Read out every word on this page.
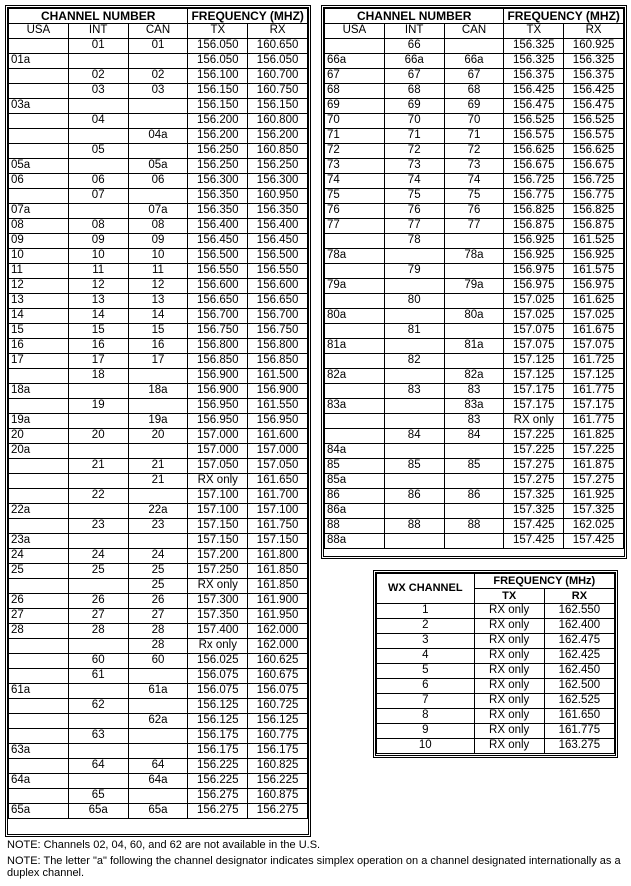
CHANNEL NUMBER			FREQUENCY (MHZ)	
USA	INT	CAN	TX	RX
	01	01	156.050	160.650
01a			156.050	156.050
	02	02	156.100	160.700
	03	03	156.150	160.750
03a			156.150	156.150
	04		156.200	160.800
		04a	156.200	156.200
	05		156.250	160.850
05a		05a	156.250	156.250
06	06	06	156.300	156.300
	07		156.350	160.950
07a		07a	156.350	156.350
08	08	08	156.400	156.400
09	09	09	156.450	156.450
10	10	10	156.500	156.500
11	11	11	156.550	156.550
12	12	12	156.600	156.600
13	13	13	156.650	156.650
14	14	14	156.700	156.700
15	15	15	156.750	156.750
16	16	16	156.800	156.800
17	17	17	156.850	156.850
	18		156.900	161.500
18a		18a	156.900	156.900
	19		156.950	161.550
19a		19a	156.950	156.950
20	20	20	157.000	161.600
20a			157.000	157.000
	21	21	157.050	157.050
		21	RX only	161.650
	22		157.100	161.700
22a		22a	157.100	157.100
	23	23	157.150	161.750
23a			157.150	157.150
24	24	24	157.200	161.800
25	25	25	157.250	161.850
		25	RX only	161.850
26	26	26	157.300	161.900
27	27	27	157.350	161.950
28	28	28	157.400	162.000
		28	Rx only	162.000
	60	60	156.025	160.625
	61		156.075	160.675
61a		61a	156.075	156.075
	62		156.125	160.725
		62a	156.125	156.125
	63		156.175	160.775
63a			156.175	156.175
	64	64	156.225	160.825
64a		64a	156.225	156.225
	65		156.275	160.875
65a	65a	65a	156.275	156.275
CHANNEL NUMBER			FREQUENCY (MHZ)	
USA	INT	CAN	TX	RX
	66		156.325	160.925
66a	66a	66a	156.325	156.325
67	67	67	156.375	156.375
68	68	68	156.425	156.425
69	69	69	156.475	156.475
70	70	70	156.525	156.525
71	71	71	156.575	156.575
72	72	72	156.625	156.625
73	73	73	156.675	156.675
74	74	74	156.725	156.725
75	75	75	156.775	156.775
76	76	76	156.825	156.825
77	77	77	156.875	156.875
	78		156.925	161.525
78a		78a	156.925	156.925
	79		156.975	161.575
79a		79a	156.975	156.975
	80		157.025	161.625
80a		80a	157.025	157.025
	81		157.075	161.675
81a		81a	157.075	157.075
	82		157.125	161.725
82a		82a	157.125	157.125
	83	83	157.175	161.775
83a		83a	157.175	157.175
		83	RX only	161.775
	84	84	157.225	161.825
84a			157.225	157.225
85	85	85	157.275	161.875
85a			157.275	157.275
86	86	86	157.325	161.925
86a			157.325	157.325
88	88	88	157.425	162.025
88a			157.425	157.425
WX CHANNEL	FREQUENCY (MHz)	
	TX	RX
1	RX only	162.550
2	RX only	162.400
3	RX only	162.475
4	RX only	162.425
5	RX only	162.450
6	RX only	162.500
7	RX only	162.525
8	RX only	161.650
9	RX only	161.775
10	RX only	163.275

NOTE: Channels 02, 04, 60, and 62 are not available in the U.S.

NOTE: The letter "a" following the channel designator indicates simplex operation on a channel designated internationally as a duplex channel.
